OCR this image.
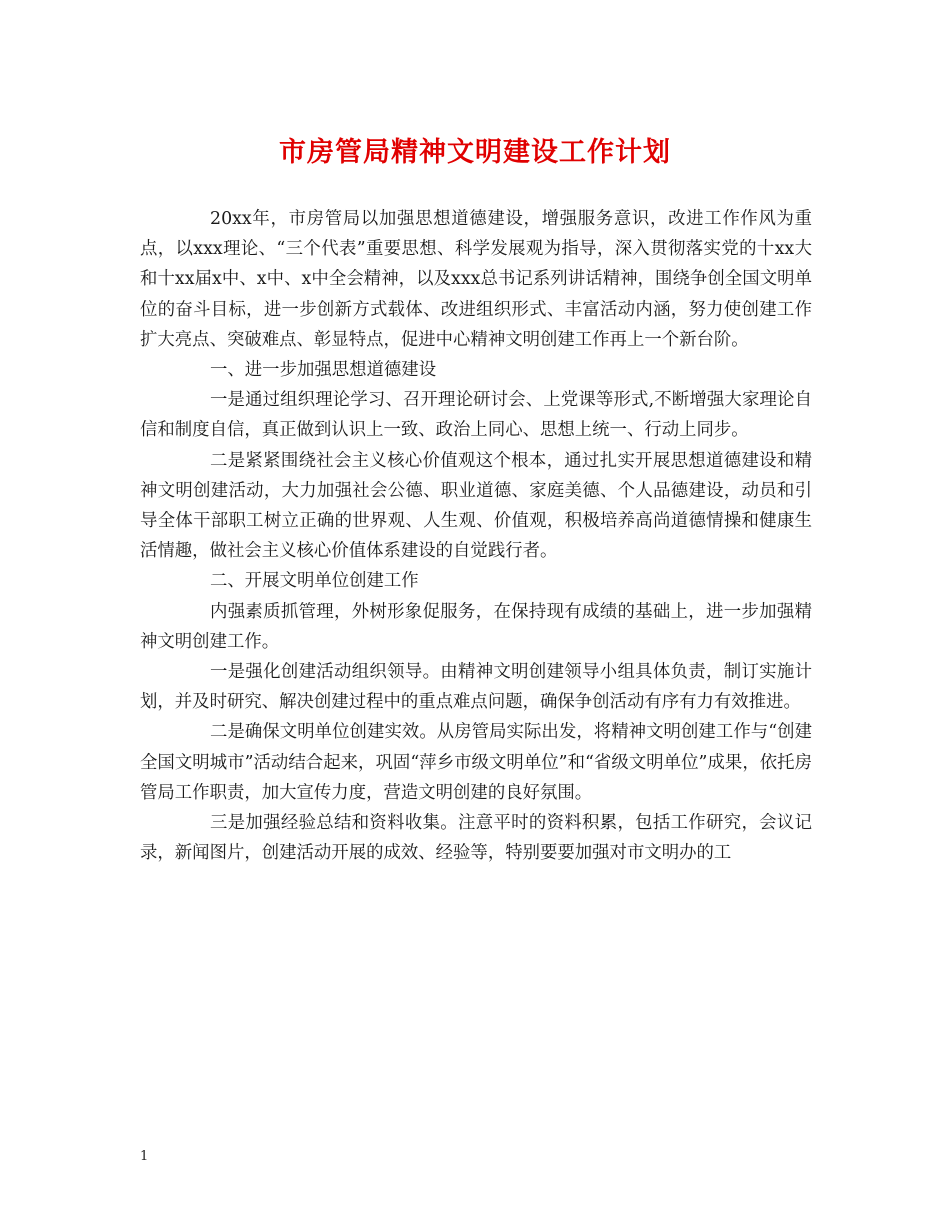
市房管局精神文明建设工作计划

20xx年，市房管局以加强思想道德建设，增强服务意识，改进工作作风为重点，以xxx理论、“三个代表”重要思想、科学发展观为指导，深入贯彻落实党的十xx大和十xx届x中、x中、x中全会精神，以及xxx总书记系列讲话精神，围绕争创全国文明单位的奋斗目标，进一步创新方式载体、改进组织形式、丰富活动内涵，努力使创建工作扩大亮点、突破难点、彰显特点，促进中心精神文明创建工作再上一个新台阶。

一、进一步加强思想道德建设

一是通过组织理论学习、召开理论研讨会、上党课等形式,不断增强大家理论自信和制度自信，真正做到认识上一致、政治上同心、思想上统一、行动上同步。

二是紧紧围绕社会主义核心价值观这个根本，通过扎实开展思想道德建设和精神文明创建活动，大力加强社会公德、职业道德、家庭美德、个人品德建设，动员和引导全体干部职工树立正确的世界观、人生观、价值观，积极培养高尚道德情操和健康生活情趣，做社会主义核心价值体系建设的自觉践行者。

二、开展文明单位创建工作

内强素质抓管理，外树形象促服务，在保持现有成绩的基础上，进一步加强精神文明创建工作。

一是强化创建活动组织领导。由精神文明创建领导小组具体负责，制订实施计划，并及时研究、解决创建过程中的重点难点问题，确保争创活动有序有力有效推进。

二是确保文明单位创建实效。从房管局实际出发，将精神文明创建工作与“创建全国文明城市”活动结合起来，巩固“萍乡市级文明单位”和“省级文明单位”成果，依托房管局工作职责，加大宣传力度，营造文明创建的良好氛围。

三是加强经验总结和资料收集。注意平时的资料积累，包括工作研究，会议记录，新闻图片，创建活动开展的成效、经验等，特别要要加强对市文明办的工

1
